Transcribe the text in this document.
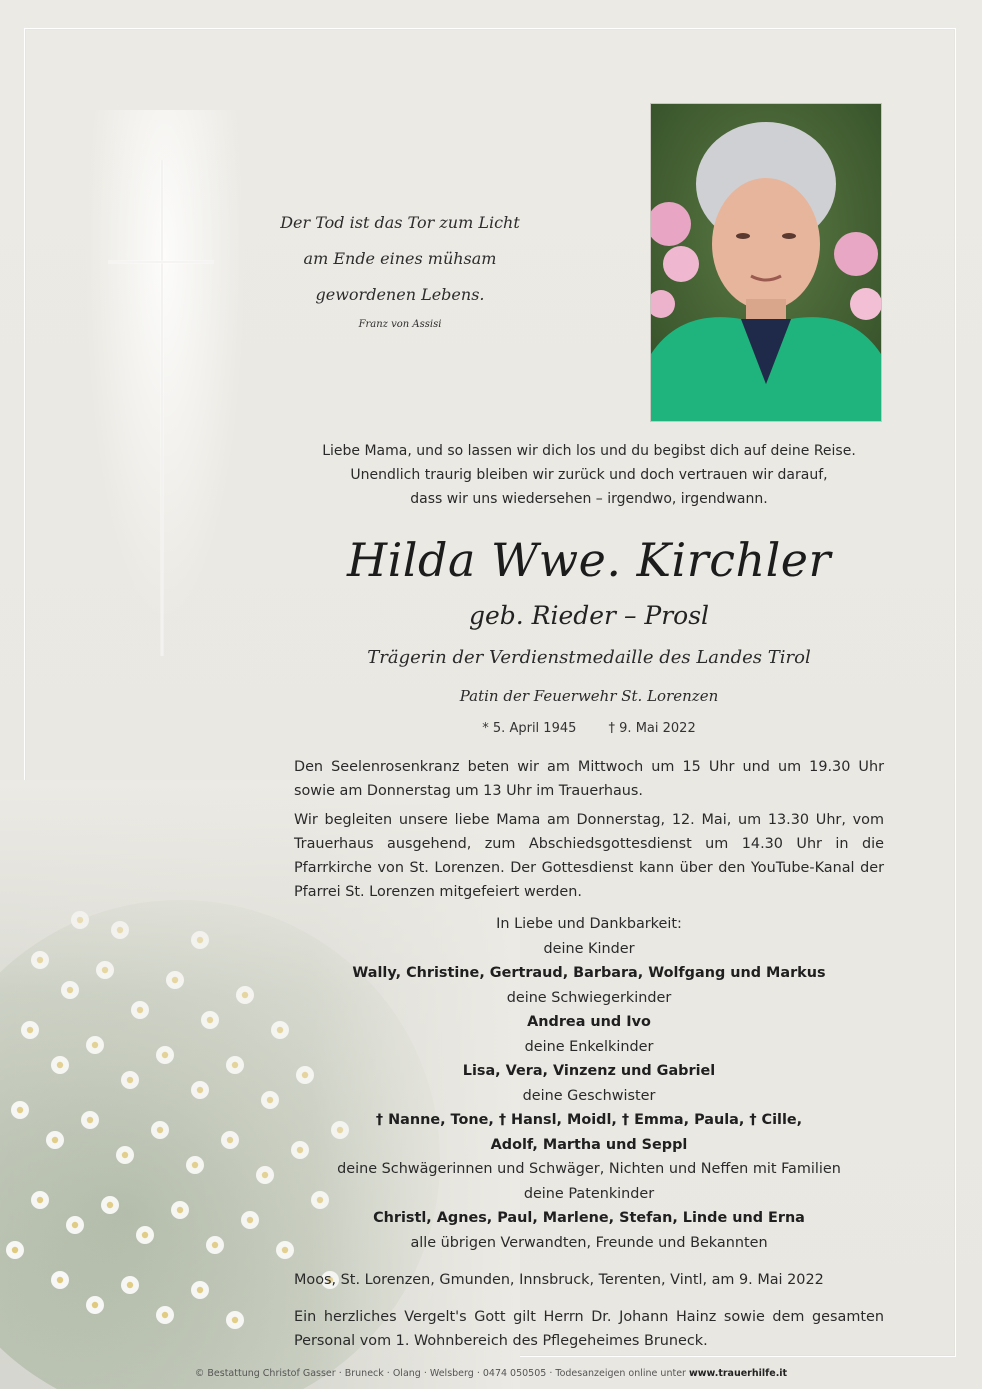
Der Tod ist das Tor zum Licht
am Ende eines mühsam
gewordenen Lebens.
Franz von Assisi
Liebe Mama, und so lassen wir dich los und du begibst dich auf deine Reise.
Unendlich traurig bleiben wir zurück und doch vertrauen wir darauf,
dass wir uns wiedersehen – irgendwo, irgendwann.
Hilda Wwe. Kirchler
geb. Rieder – Prosl
Trägerin der Verdienstmedaille des Landes Tirol
Patin der Feuerwehr St. Lorenzen
* 5. April 1945 † 9. Mai 2022
Den Seelenrosenkranz beten wir am Mittwoch um 15 Uhr und um 19.30 Uhr sowie am Donnerstag um 13 Uhr im Trauerhaus.
Wir begleiten unsere liebe Mama am Donnerstag, 12. Mai, um 13.30 Uhr, vom Trauerhaus ausgehend, zum Abschiedsgottesdienst um 14.30 Uhr in die Pfarrkirche von St. Lorenzen. Der Gottesdienst kann über den YouTube-Kanal der Pfarrei St. Lorenzen mitgefeiert werden.
In Liebe und Dankbarkeit:
deine Kinder
Wally, Christine, Gertraud, Barbara, Wolfgang und Markus
deine Schwiegerkinder
Andrea und Ivo
deine Enkelkinder
Lisa, Vera, Vinzenz und Gabriel
deine Geschwister
† Nanne, Tone, † Hansl, Moidl, † Emma, Paula, † Cille,
Adolf, Martha und Seppl
deine Schwägerinnen und Schwäger, Nichten und Neffen mit Familien
deine Patenkinder
Christl, Agnes, Paul, Marlene, Stefan, Linde und Erna
alle übrigen Verwandten, Freunde und Bekannten
Moos, St. Lorenzen, Gmunden, Innsbruck, Terenten, Vintl, am 9. Mai 2022
Ein herzliches Vergelt's Gott gilt Herrn Dr. Johann Hainz sowie dem gesamten Personal vom 1. Wohnbereich des Pflegeheimes Bruneck.
© Bestattung Christof Gasser · Bruneck · Olang · Welsberg · 0474 050505 · Todesanzeigen online unter www.trauerhilfe.it
